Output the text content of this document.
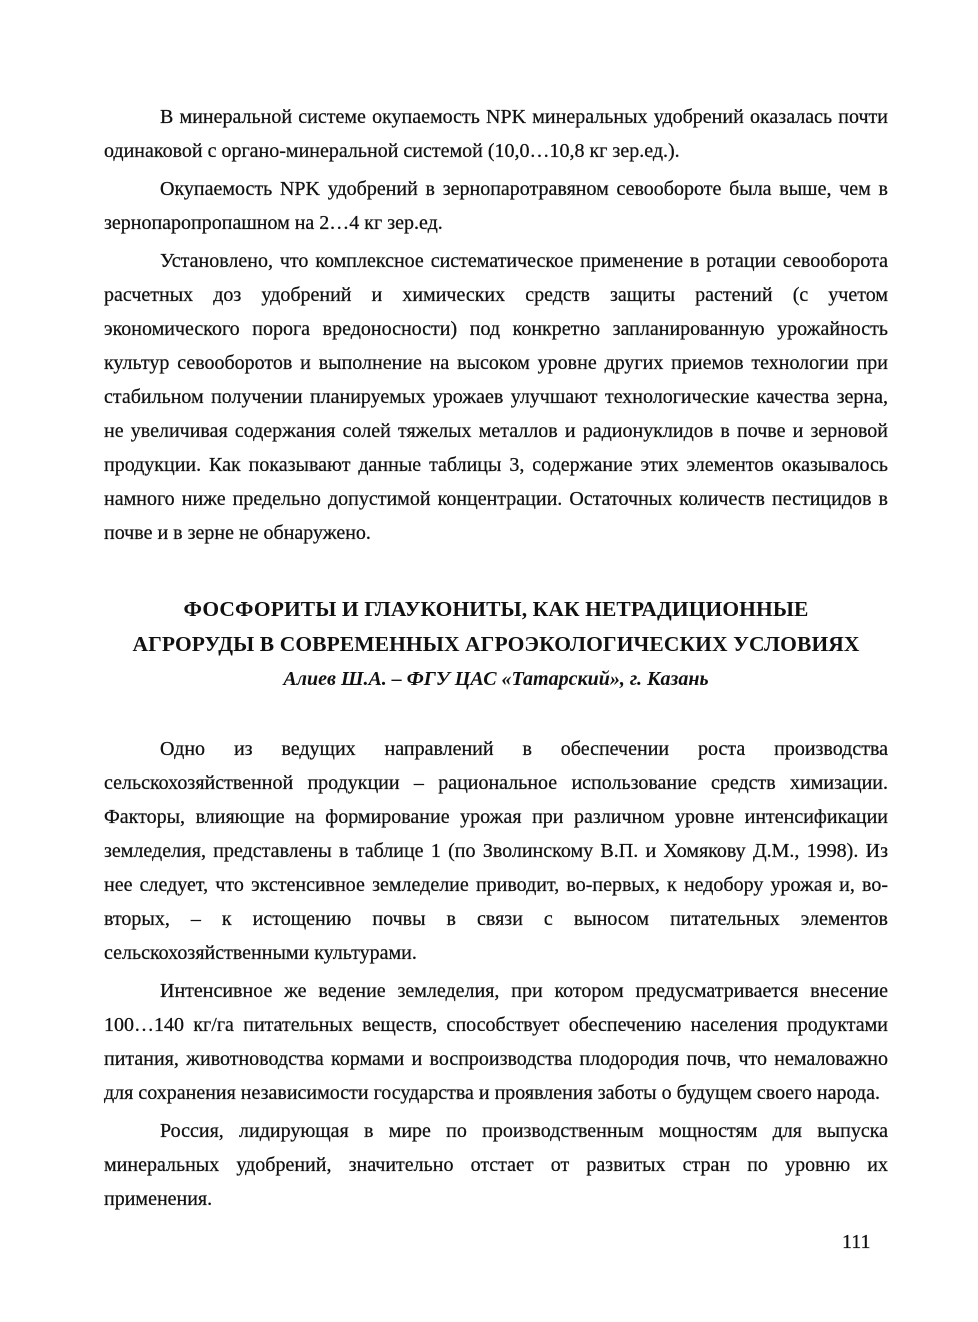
В минеральной системе окупаемость NPK минеральных удобрений оказалась почти одинаковой с органо-минеральной системой (10,0…10,8 кг зер.ед.).

Окупаемость NPK удобрений в зернопаротравяном севообороте была выше, чем в зернопаропропашном на 2…4 кг зер.ед.

Установлено, что комплексное систематическое применение в ротации севооборота расчетных доз удобрений и химических средств защиты растений (с учетом экономического порога вредоносности) под конкретно запланированную урожайность культур севооборотов и выполнение на высоком уровне других приемов технологии при стабильном получении планируемых урожаев улучшают технологические качества зерна, не увеличивая содержания солей тяжелых металлов и радионуклидов в почве и зерновой продукции. Как показывают данные таблицы 3, содержание этих элементов оказывалось намного ниже предельно допустимой концентрации. Остаточных количеств пестицидов в почве и в зерне не обнаружено.

ФОСФОРИТЫ И ГЛАУКОНИТЫ, КАК НЕТРАДИЦИОННЫЕ

АГРОРУДЫ В СОВРЕМЕННЫХ АГРОЭКОЛОГИЧЕСКИХ УСЛОВИЯХ

Алиев Ш.А. – ФГУ ЦАС «Татарский», г. Казань

Одно из ведущих направлений в обеспечении роста производства сельскохозяйственной продукции – рациональное использование средств химизации. Факторы, влияющие на формирование урожая при различном уровне интенсификации земледелия, представлены в таблице 1 (по Зволинскому В.П. и Хомякову Д.М., 1998). Из нее следует, что экстенсивное земледелие приводит, во-первых, к недобору урожая и, во-вторых, – к истощению почвы в связи с выносом питательных элементов сельскохозяйственными культурами.

Интенсивное же ведение земледелия, при котором предусматривается внесение 100…140 кг/га питательных веществ, способствует обеспечению населения продуктами питания, животноводства кормами и воспроизводства плодородия почв, что немаловажно для сохранения независимости государства и проявления заботы о будущем своего народа.

Россия, лидирующая в мире по производственным мощностям для выпуска минеральных удобрений, значительно отстает от развитых стран по уровню их применения.

111
